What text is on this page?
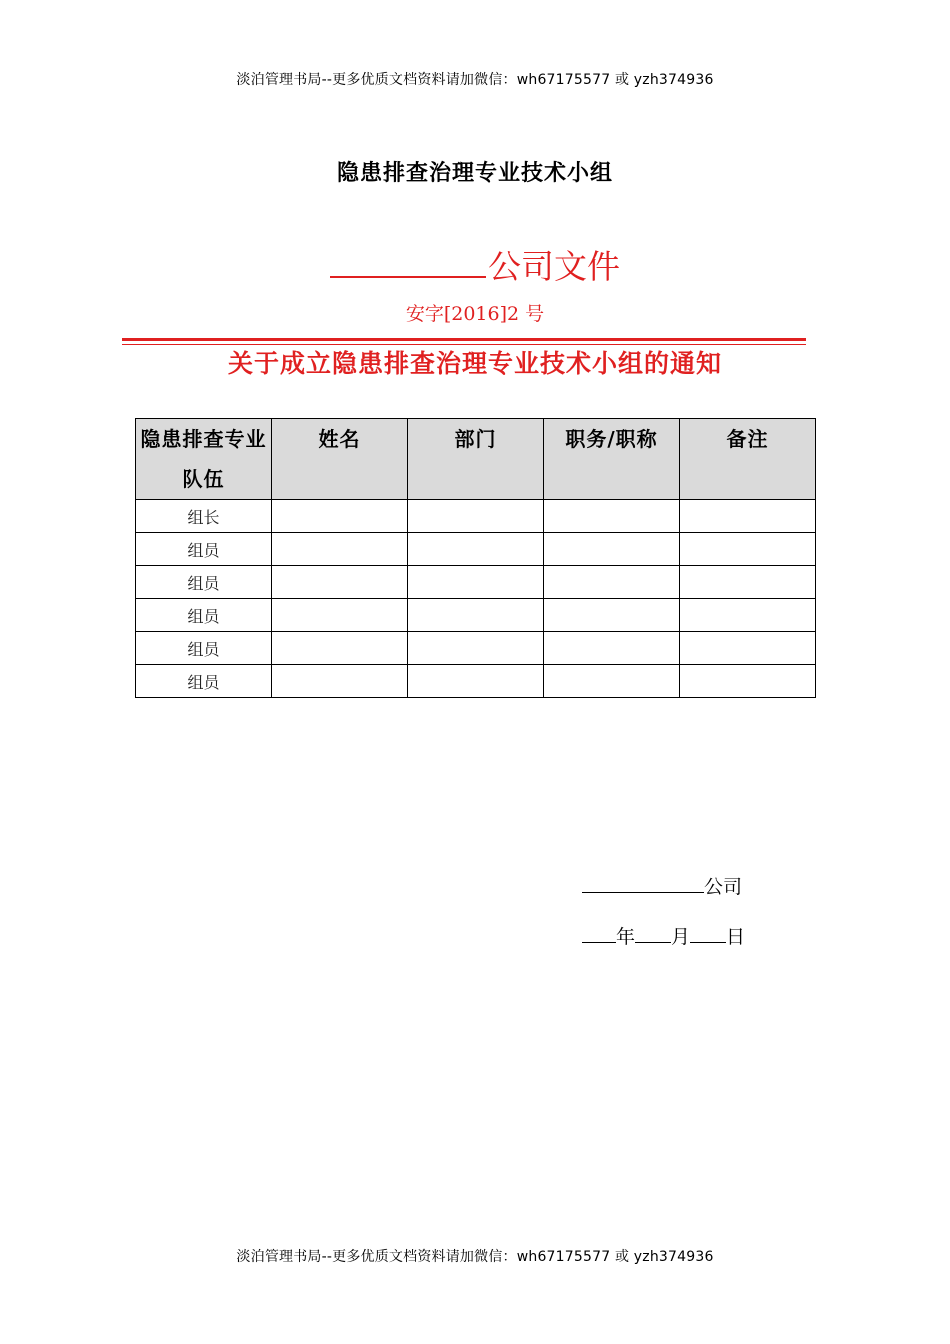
淡泊管理书局--更多优质文档资料请加微信：wh67175577 或 yzh374936
隐患排查治理专业技术小组
公司文件
安字[2016]2 号
关于成立隐患排查治理专业技术小组的通知
隐患排查专业队伍	姓名	部门	职务/职称	备注
组长				
组员				
组员				
组员				
组员				
组员				
公司
年 月 日
淡泊管理书局--更多优质文档资料请加微信：wh67175577 或 yzh374936
